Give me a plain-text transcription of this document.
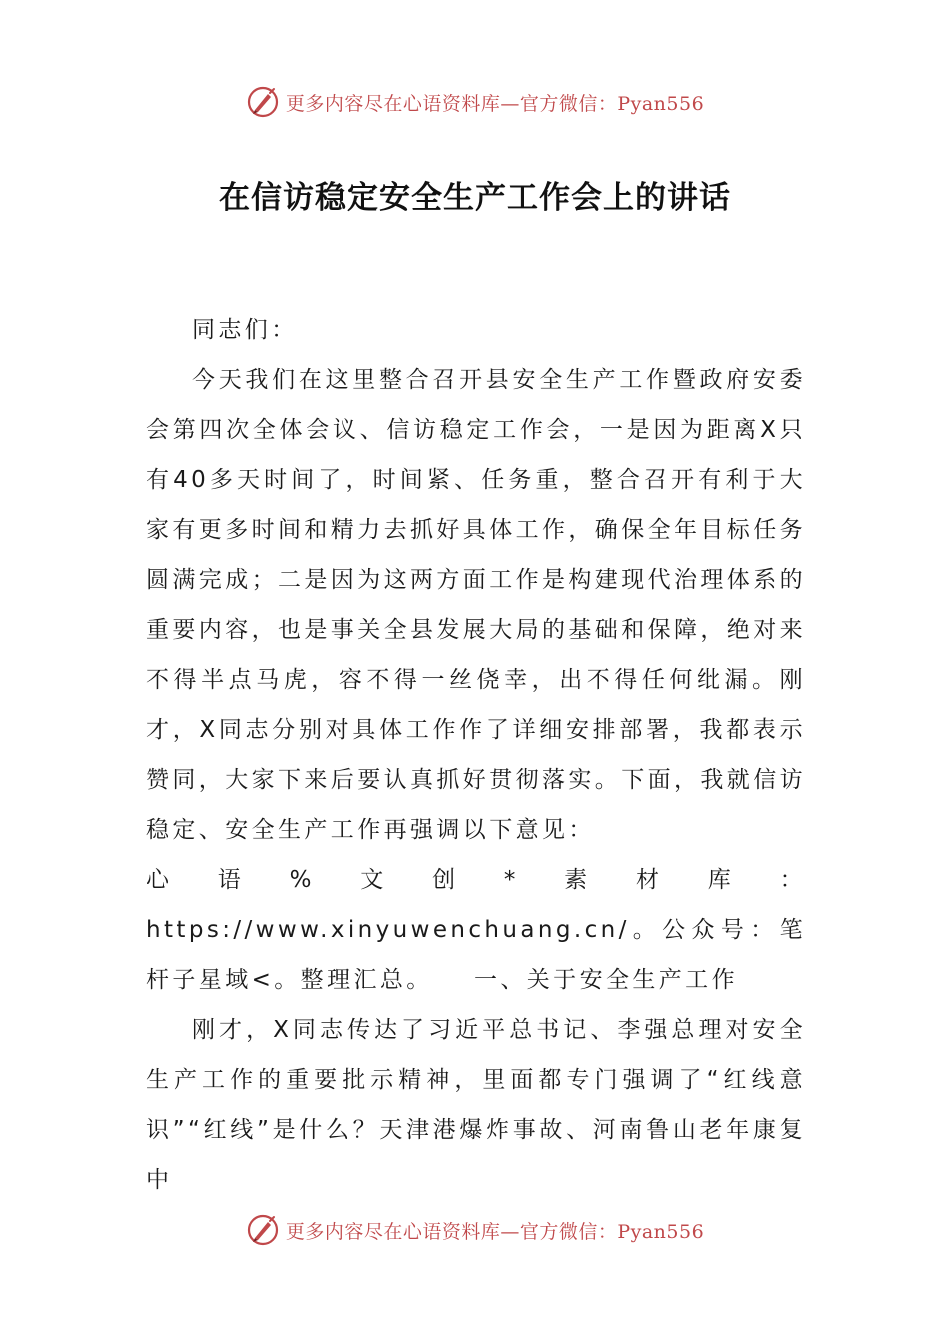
更多内容尽在心语资料库—官方微信：Pyan556
在信访稳定安全生产工作会上的讲话

同志们：

今天我们在这里整合召开县安全生产工作暨政府安委会第四次全体会议、信访稳定工作会，一是因为距离X只有40多天时间了，时间紧、任务重，整合召开有利于大家有更多时间和精力去抓好具体工作，确保全年目标任务圆满完成；二是因为这两方面工作是构建现代治理体系的重要内容，也是事关全县发展大局的基础和保障，绝对来不得半点马虎，容不得一丝侥幸，出不得任何纰漏。刚才，X同志分别对具体工作作了详细安排部署，我都表示赞同，大家下来后要认真抓好贯彻落实。下面，我就信访稳定、安全生产工作再强调以下意见：

心语%文创*素材库：https://www.xinyuwenchuang.cn/。公众号：笔杆子星域<。整理汇总。　　一、关于安全生产工作

刚才，X同志传达了习近平总书记、李强总理对安全生产工作的重要批示精神，里面都专门强调了“红线意识”“红线”是什么？天津港爆炸事故、河南鲁山老年康复中

更多内容尽在心语资料库—官方微信：Pyan556
